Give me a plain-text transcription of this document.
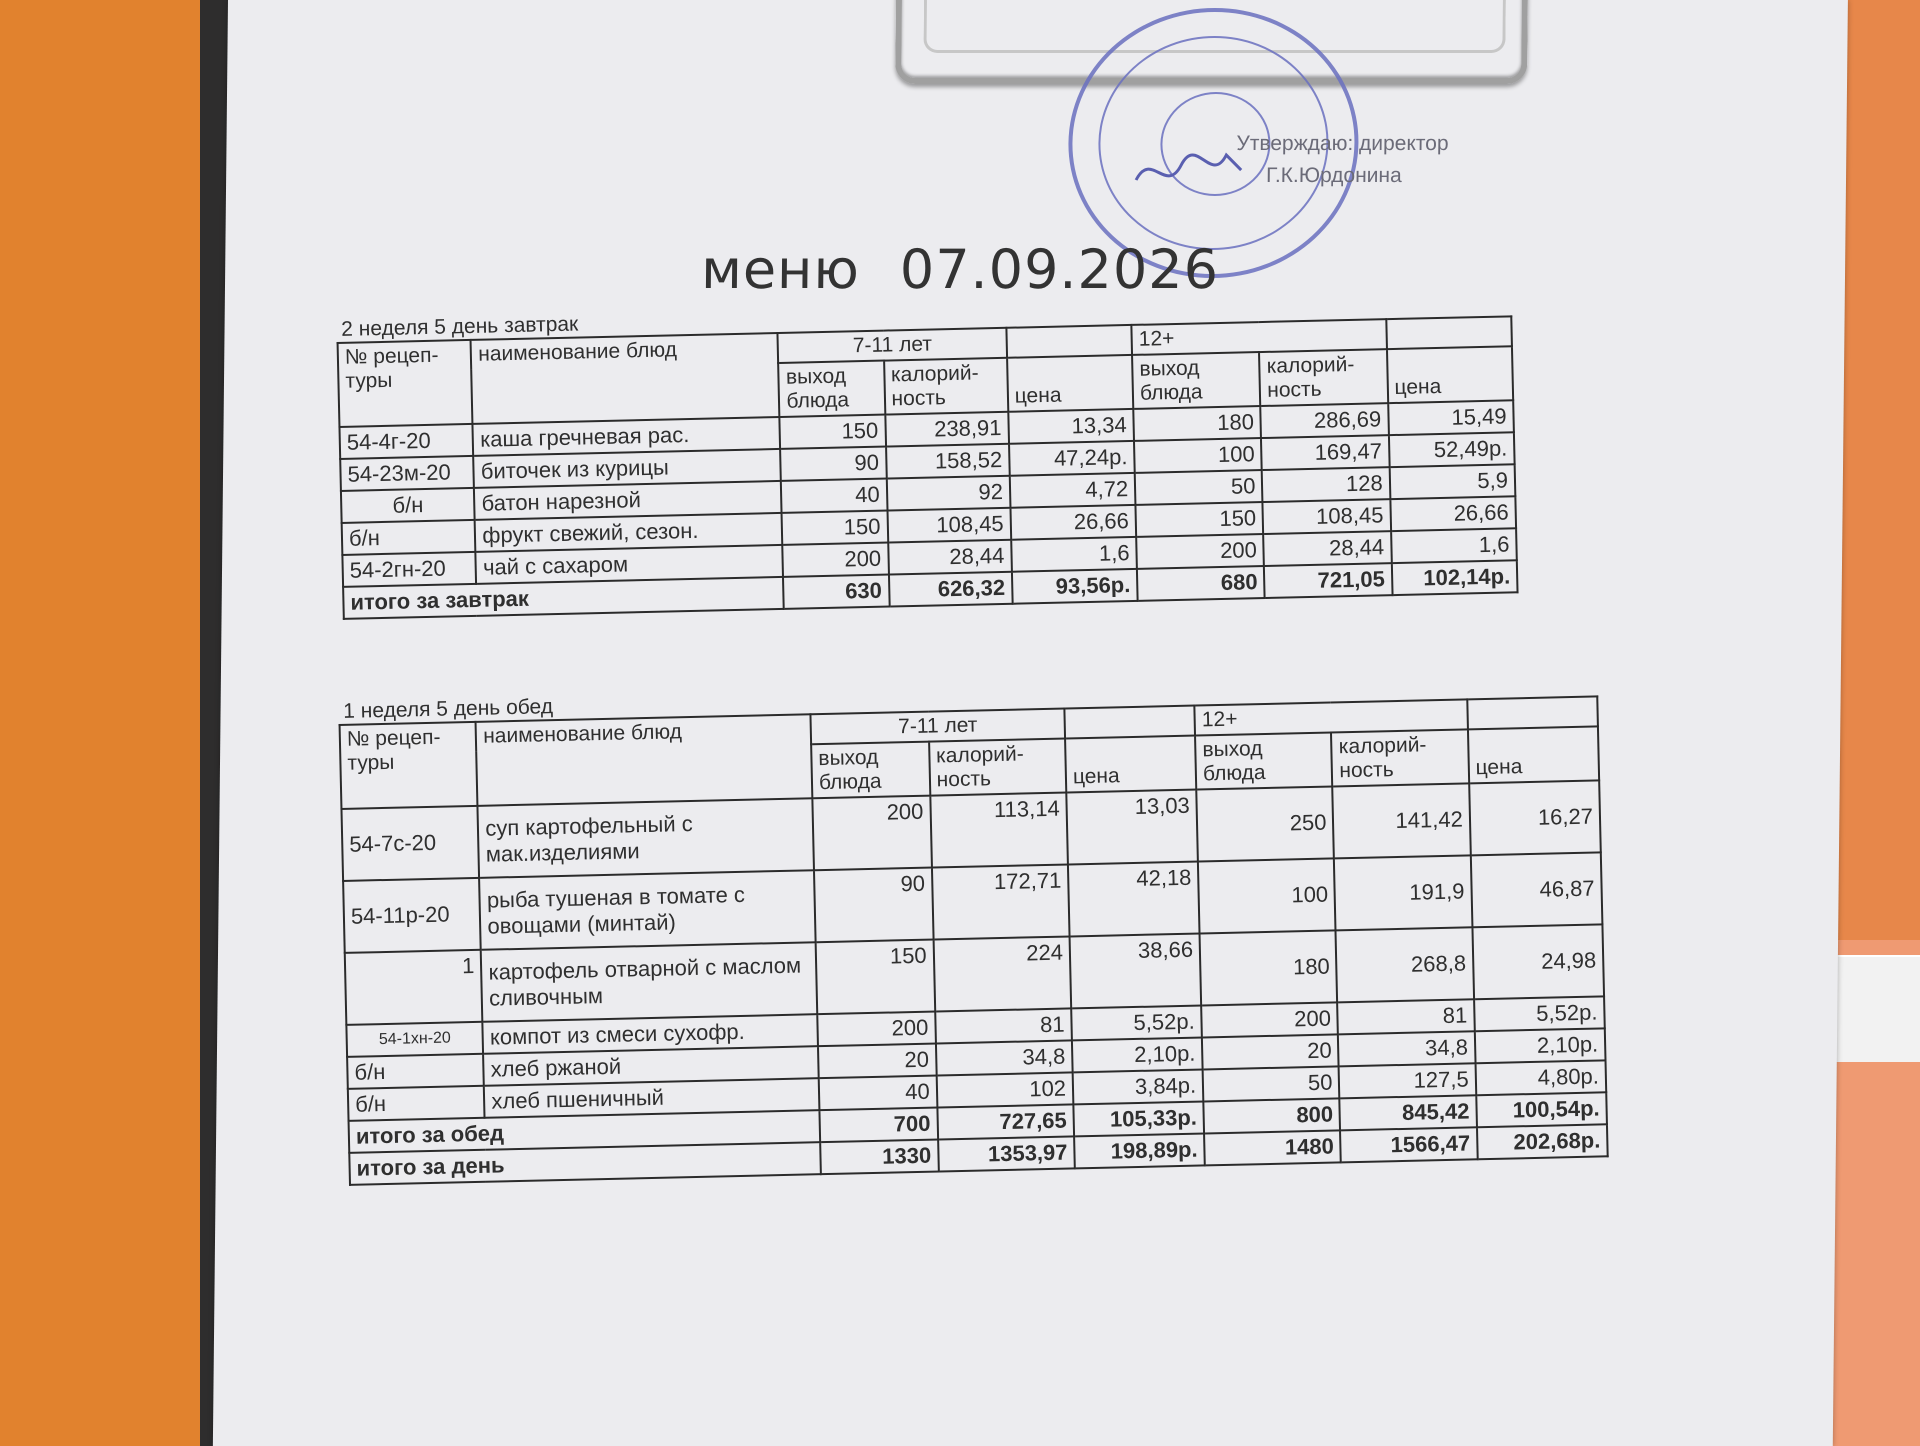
Утверждаю: директор
Г.К.Юрдонина
меню 07.09.2026
2 неделя 5 день завтрак							
№ рецеп-туры	наименование блюд	7-11 лет			12+		
		выход блюда	калорий-ность	цена	выход блюда	калорий-ность	цена
54-4г-20	каша гречневая рас.	150	238,91	13,34	180	286,69	15,49
54-23м-20	биточек из курицы	90	158,52	47,24р.	100	169,47	52,49р.
б/н	батон нарезной	40	92	4,72	50	128	5,9
б/н	фрукт свежий, сезон.	150	108,45	26,66	150	108,45	26,66
54-2гн-20	чай с сахаром	200	28,44	1,6	200	28,44	1,6
итого за завтрак		630	626,32	93,56р.	680	721,05	102,14р.
1 неделя 5 день обед							
№ рецеп-туры	наименование блюд	7-11 лет			12+		
		выход блюда	калорий-ность	цена	выход блюда	калорий-ность	цена
54-7с-20	суп картофельный с мак.изделиями	200	113,14	13,03	250	141,42	16,27
54-11р-20	рыба тушеная в томате с овощами (минтай)	90	172,71	42,18	100	191,9	46,87
1	картофель отварной с маслом сливочным	150	224	38,66	180	268,8	24,98
54-1хн-20	компот из смеси сухофр.	200	81	5,52р.	200	81	5,52р.
б/н	хлеб ржаной	20	34,8	2,10р.	20	34,8	2,10р.
б/н	хлеб пшеничный	40	102	3,84р.	50	127,5	4,80р.
итого за обед		700	727,65	105,33р.	800	845,42	100,54р.
итого за день		1330	1353,97	198,89р.	1480	1566,47	202,68р.
